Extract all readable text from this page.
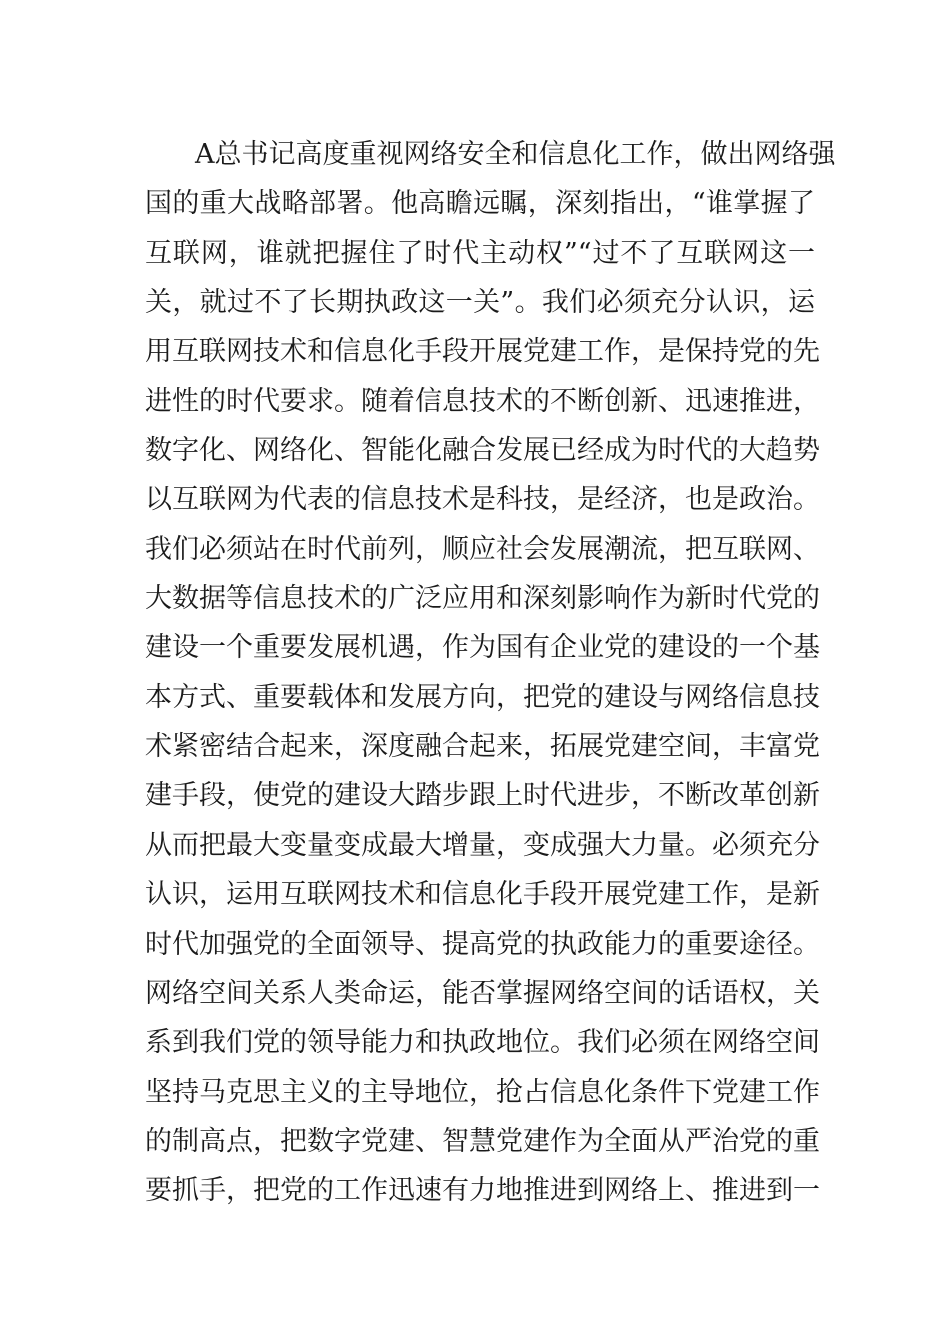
A总书记高度重视网络安全和信息化工作，做出网络强
国的重大战略部署。他高瞻远瞩，深刻指出，“谁掌握了
互联网，谁就把握住了时代主动权”“过不了互联网这一
关，就过不了长期执政这一关”。我们必须充分认识，运
用互联网技术和信息化手段开展党建工作，是保持党的先
进性的时代要求。随着信息技术的不断创新、迅速推进，
数字化、网络化、智能化融合发展已经成为时代的大趋势
以互联网为代表的信息技术是科技，是经济，也是政治。
我们必须站在时代前列，顺应社会发展潮流，把互联网、
大数据等信息技术的广泛应用和深刻影响作为新时代党的
建设一个重要发展机遇，作为国有企业党的建设的一个基
本方式、重要载体和发展方向，把党的建设与网络信息技
术紧密结合起来，深度融合起来，拓展党建空间，丰富党
建手段，使党的建设大踏步跟上时代进步，不断改革创新
从而把最大变量变成最大增量，变成强大力量。必须充分
认识，运用互联网技术和信息化手段开展党建工作，是新
时代加强党的全面领导、提高党的执政能力的重要途径。
网络空间关系人类命运，能否掌握网络空间的话语权，关
系到我们党的领导能力和执政地位。我们必须在网络空间
坚持马克思主义的主导地位，抢占信息化条件下党建工作
的制高点，把数字党建、智慧党建作为全面从严治党的重
要抓手，把党的工作迅速有力地推进到网络上、推进到一
